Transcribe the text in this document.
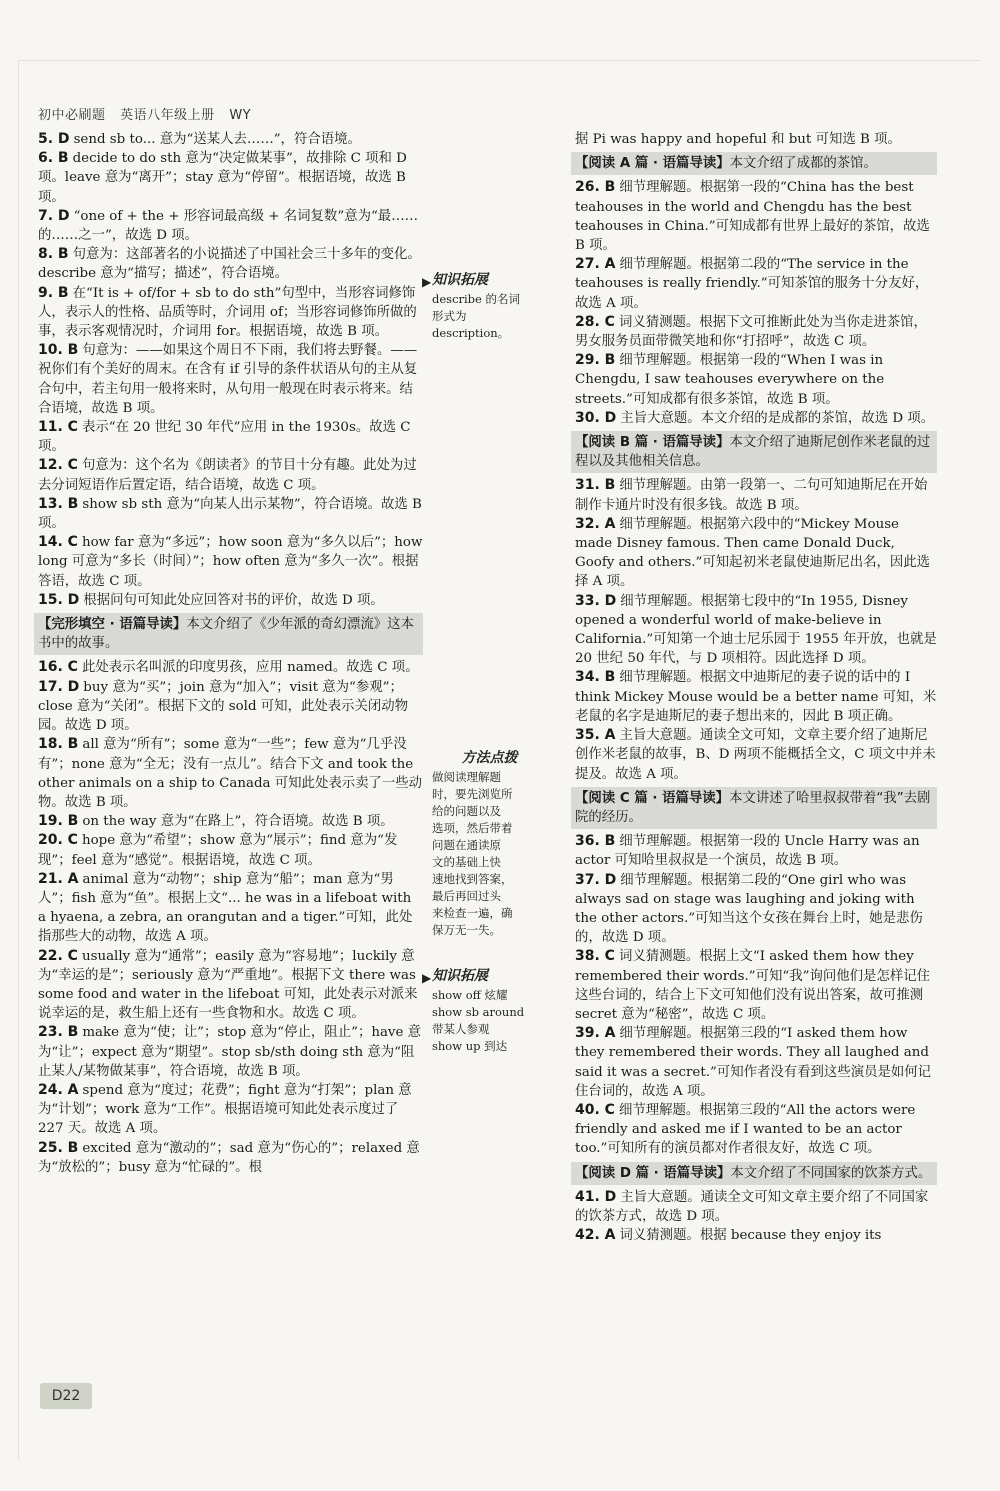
初中必刷题 英语八年级上册 WY
5. D send sb to... 意为“送某人去……”，符合语境。
6. B decide to do sth 意为“决定做某事”，故排除 C 项和 D 项。leave 意为“离开”；stay 意为“停留”。根据语境，故选 B 项。
7. D “one of + the + 形容词最高级 + 名词复数”意为“最……的……之一”，故选 D 项。
8. B 句意为：这部著名的小说描述了中国社会三十多年的变化。describe 意为“描写；描述”，符合语境。
9. B 在“It is + of/for + sb to do sth”句型中，当形容词修饰人，表示人的性格、品质等时，介词用 of；当形容词修饰所做的事，表示客观情况时，介词用 for。根据语境，故选 B 项。
10. B 句意为：——如果这个周日不下雨，我们将去野餐。——祝你们有个美好的周末。在含有 if 引导的条件状语从句的主从复合句中，若主句用一般将来时，从句用一般现在时表示将来。结合语境，故选 B 项。
11. C 表示“在 20 世纪 30 年代”应用 in the 1930s。故选 C 项。
12. C 句意为：这个名为《朗读者》的节目十分有趣。此处为过去分词短语作后置定语，结合语境，故选 C 项。
13. B show sb sth 意为“向某人出示某物”，符合语境。故选 B 项。
14. C how far 意为“多远”；how soon 意为“多久以后”；how long 可意为“多长（时间）”；how often 意为“多久一次”。根据答语，故选 C 项。
15. D 根据问句可知此处应回答对书的评价，故选 D 项。
【完形填空 · 语篇导读】本文介绍了《少年派的奇幻漂流》这本书中的故事。
16. C 此处表示名叫派的印度男孩，应用 named。故选 C 项。
17. D buy 意为“买”；join 意为“加入”；visit 意为“参观”；close 意为“关闭”。根据下文的 sold 可知，此处表示关闭动物园。故选 D 项。
18. B all 意为“所有”；some 意为“一些”；few 意为“几乎没有”；none 意为“全无；没有一点儿”。结合下文 and took the other animals on a ship to Canada 可知此处表示卖了一些动物。故选 B 项。
19. B on the way 意为“在路上”，符合语境。故选 B 项。
20. C hope 意为“希望”；show 意为“展示”；find 意为“发现”；feel 意为“感觉”。根据语境，故选 C 项。
21. A animal 意为“动物”；ship 意为“船”；man 意为“男人”；fish 意为“鱼”。根据上文“... he was in a lifeboat with a hyaena, a zebra, an orangutan and a tiger.”可知，此处指那些大的动物，故选 A 项。
22. C usually 意为“通常”；easily 意为“容易地”；luckily 意为“幸运的是”；seriously 意为“严重地”。根据下文 there was some food and water in the lifeboat 可知，此处表示对派来说幸运的是，救生船上还有一些食物和水。故选 C 项。
23. B make 意为“使；让”；stop 意为“停止，阻止”；have 意为“让”；expect 意为“期望”。stop sb/sth doing sth 意为“阻止某人/某物做某事”，符合语境，故选 B 项。
24. A spend 意为“度过；花费”；fight 意为“打架”；plan 意为“计划”；work 意为“工作”。根据语境可知此处表示度过了 227 天。故选 A 项。
25. B excited 意为“激动的”；sad 意为“伤心的”；relaxed 意为“放松的”；busy 意为“忙碌的”。根
据 Pi was happy and hopeful 和 but 可知选 B 项。
【阅读 A 篇 · 语篇导读】本文介绍了成都的茶馆。
26. B 细节理解题。根据第一段的“China has the best teahouses in the world and Chengdu has the best teahouses in China.”可知成都有世界上最好的茶馆，故选 B 项。
27. A 细节理解题。根据第二段的“The service in the teahouses is really friendly.”可知茶馆的服务十分友好，故选 A 项。
28. C 词义猜测题。根据下文可推断此处为当你走进茶馆，男女服务员面带微笑地和你“打招呼”，故选 C 项。
29. B 细节理解题。根据第一段的“When I was in Chengdu, I saw teahouses everywhere on the streets.”可知成都有很多茶馆，故选 B 项。
30. D 主旨大意题。本文介绍的是成都的茶馆，故选 D 项。
【阅读 B 篇 · 语篇导读】本文介绍了迪斯尼创作米老鼠的过程以及其他相关信息。
31. B 细节理解题。由第一段第一、二句可知迪斯尼在开始制作卡通片时没有很多钱。故选 B 项。
32. A 细节理解题。根据第六段中的“Mickey Mouse made Disney famous. Then came Donald Duck, Goofy and others.”可知起初米老鼠使迪斯尼出名，因此选择 A 项。
33. D 细节理解题。根据第七段中的“In 1955, Disney opened a wonderful world of make-believe in California.”可知第一个迪士尼乐园于 1955 年开放，也就是 20 世纪 50 年代，与 D 项相符。因此选择 D 项。
34. B 细节理解题。根据文中迪斯尼的妻子说的话中的 I think Mickey Mouse would be a better name 可知，米老鼠的名字是迪斯尼的妻子想出来的，因此 B 项正确。
35. A 主旨大意题。通读全文可知，文章主要介绍了迪斯尼创作米老鼠的故事，B、D 两项不能概括全文，C 项文中并未提及。故选 A 项。
【阅读 C 篇 · 语篇导读】本文讲述了哈里叔叔带着“我”去剧院的经历。
36. B 细节理解题。根据第一段的 Uncle Harry was an actor 可知哈里叔叔是一个演员，故选 B 项。
37. D 细节理解题。根据第二段的“One girl who was always sad on stage was laughing and joking with the other actors.”可知当这个女孩在舞台上时，她是悲伤的，故选 D 项。
38. C 词义猜测题。根据上文“I asked them how they remembered their words.”可知“我”询问他们是怎样记住这些台词的，结合上下文可知他们没有说出答案，故可推测 secret 意为“秘密”，故选 C 项。
39. A 细节理解题。根据第三段的“I asked them how they remembered their words. They all laughed and said it was a secret.”可知作者没有看到这些演员是如何记住台词的，故选 A 项。
40. C 细节理解题。根据第三段的“All the actors were friendly and asked me if I wanted to be an actor too.”可知所有的演员都对作者很友好，故选 C 项。
【阅读 D 篇 · 语篇导读】本文介绍了不同国家的饮茶方式。
41. D 主旨大意题。通读全文可知文章主要介绍了不同国家的饮茶方式，故选 D 项。
42. A 词义猜测题。根据 because they enjoy its
▶ 知识拓展
describe 的名词
形式为 description。
方法点拨
做阅读理解题
时，要先浏览所
给的问题以及
选项，然后带着
问题在通读原
文的基础上快
速地找到答案，
最后再回过头
来检查一遍，确
保万无一失。
▶ 知识拓展
show off 炫耀
show sb around
带某人参观
show up 到达
D22
